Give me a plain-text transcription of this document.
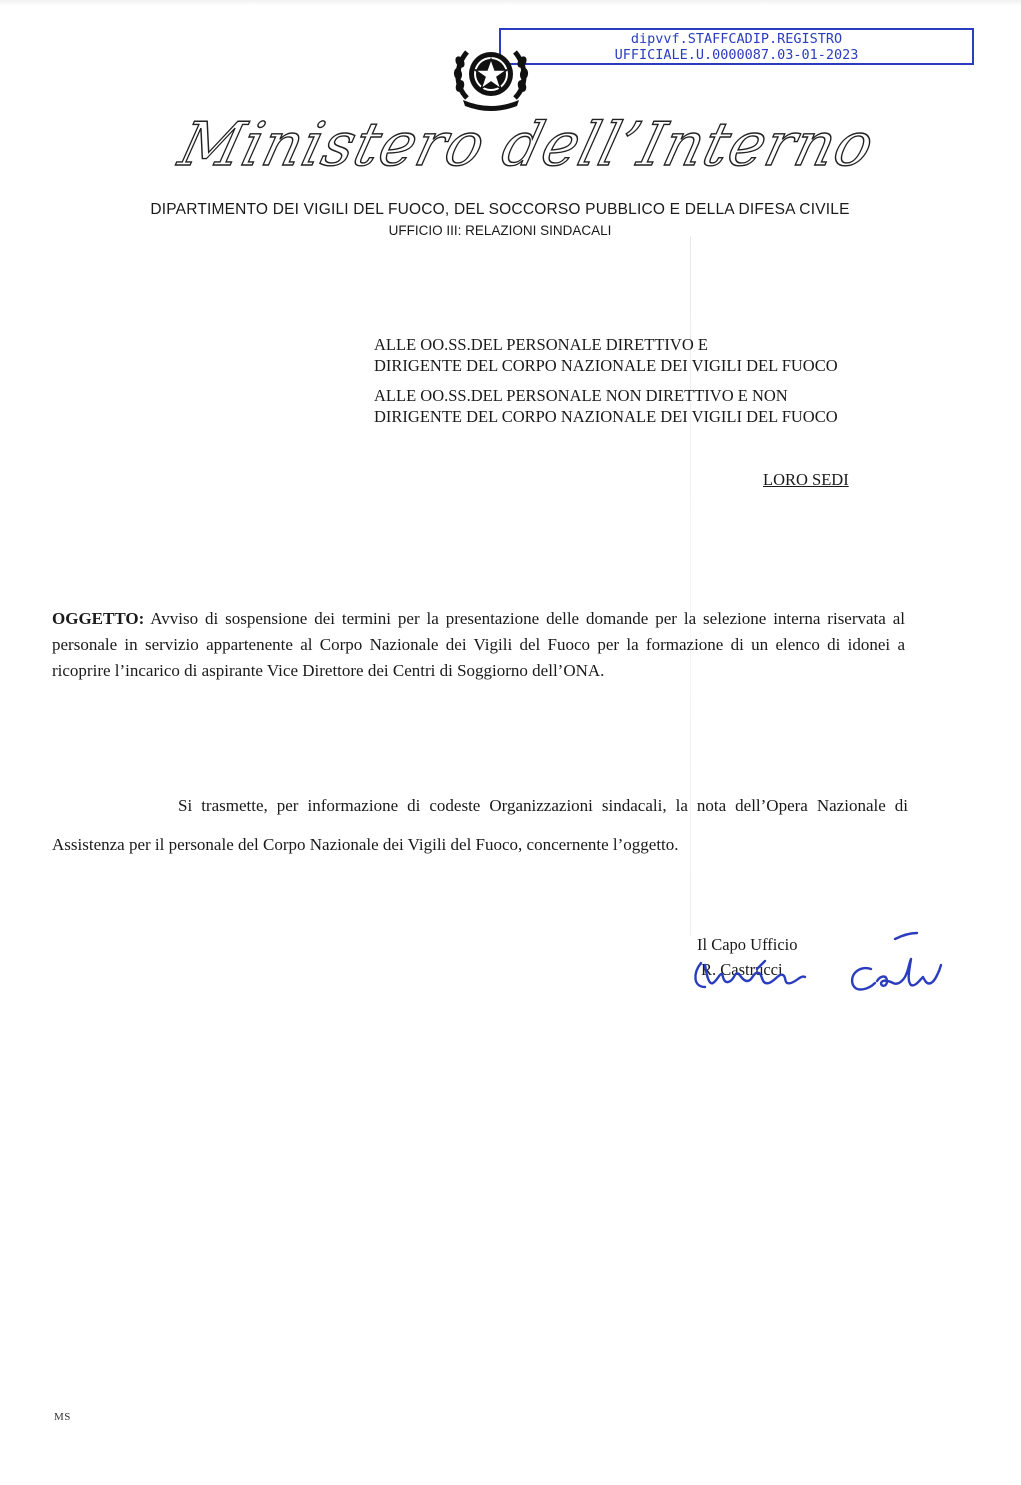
dipvvf.STAFFCADIP.REGISTRO
UFFICIALE.U.0000087.03-01-2023
Ministero dell’Interno
DIPARTIMENTO DEI VIGILI DEL FUOCO, DEL SOCCORSO PUBBLICO E DELLA DIFESA CIVILE
UFFICIO III: RELAZIONI SINDACALI
ALLE OO.SS.DEL PERSONALE DIRETTIVO E
DIRIGENTE DEL CORPO NAZIONALE DEI VIGILI DEL FUOCO
ALLE OO.SS.DEL PERSONALE NON DIRETTIVO E NON
DIRIGENTE DEL CORPO NAZIONALE DEI VIGILI DEL FUOCO
LORO SEDI
OGGETTO: Avviso di sospensione dei termini per la presentazione delle domande per la selezione interna riservata al personale in servizio appartenente al Corpo Nazionale dei Vigili del Fuoco per la formazione di un elenco di idonei a ricoprire l’incarico di aspirante Vice Direttore dei Centri di Soggiorno dell’ONA.
Si trasmette, per informazione di codeste Organizzazioni sindacali, la nota dell’Opera Nazionale di Assistenza per il personale del Corpo Nazionale dei Vigili del Fuoco, concernente l’oggetto.
Il Capo Ufficio
R. Castrucci
MS
